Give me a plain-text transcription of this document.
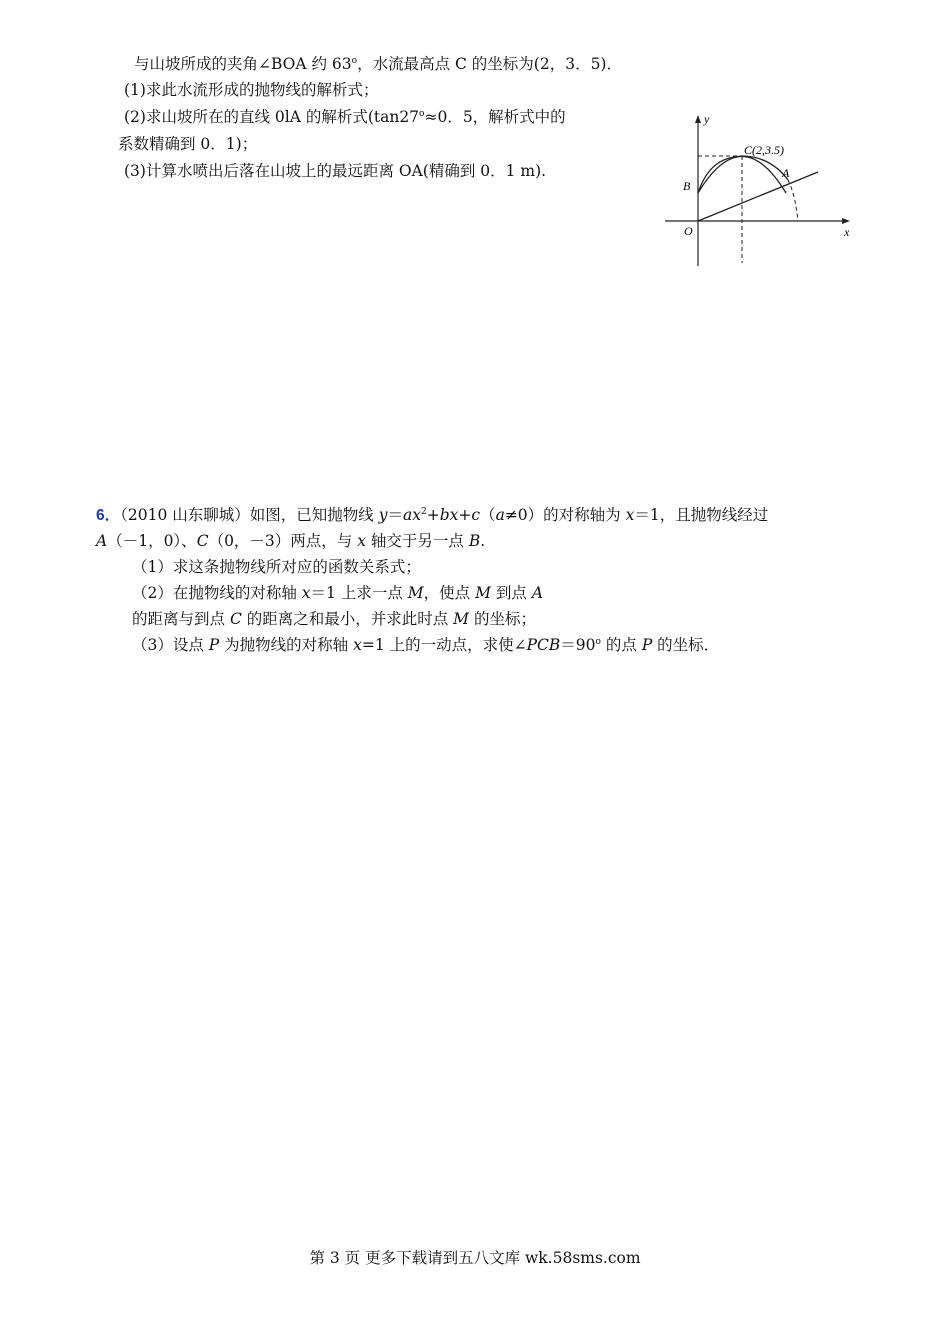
与山坡所成的夹角∠BOA 约 63$^o$，水流最高点 C 的坐标为(2，3．5)．
(1)求此水流形成的抛物线的解析式；
(2)求山坡所在的直线 0lA 的解析式($\tan 27^o\approx 0$．5，解析式中的
系数精确到 0．1)；
(3)计算水喷出后落在山坡上的最远距离 OA(精确到 0．1 m).
y
x
O
B
A
C(2,3.5)
6．（2010 山东聊城）如图，已知抛物线 $y=ax^2+bx+c(a\ne 0)$的对称轴为 x＝1，且抛物线经过
A（－1，0）、C（0，－3）两点，与 x 轴交于另一点 B.
（1）求这条抛物线所对应的函数关系式；
（2）在抛物线的对称轴 x＝1 上求一点 M，使点 M 到点 A
的距离与到点 C 的距离之和最小，并求此时点 M 的坐标；
（3）设点 P 为抛物线的对称轴 x=1 上的一动点，求使$\angle PCB=90^o$ 的点 P 的坐标．
第 3 页 更多下载请到五八文库 wk.58sms.com
